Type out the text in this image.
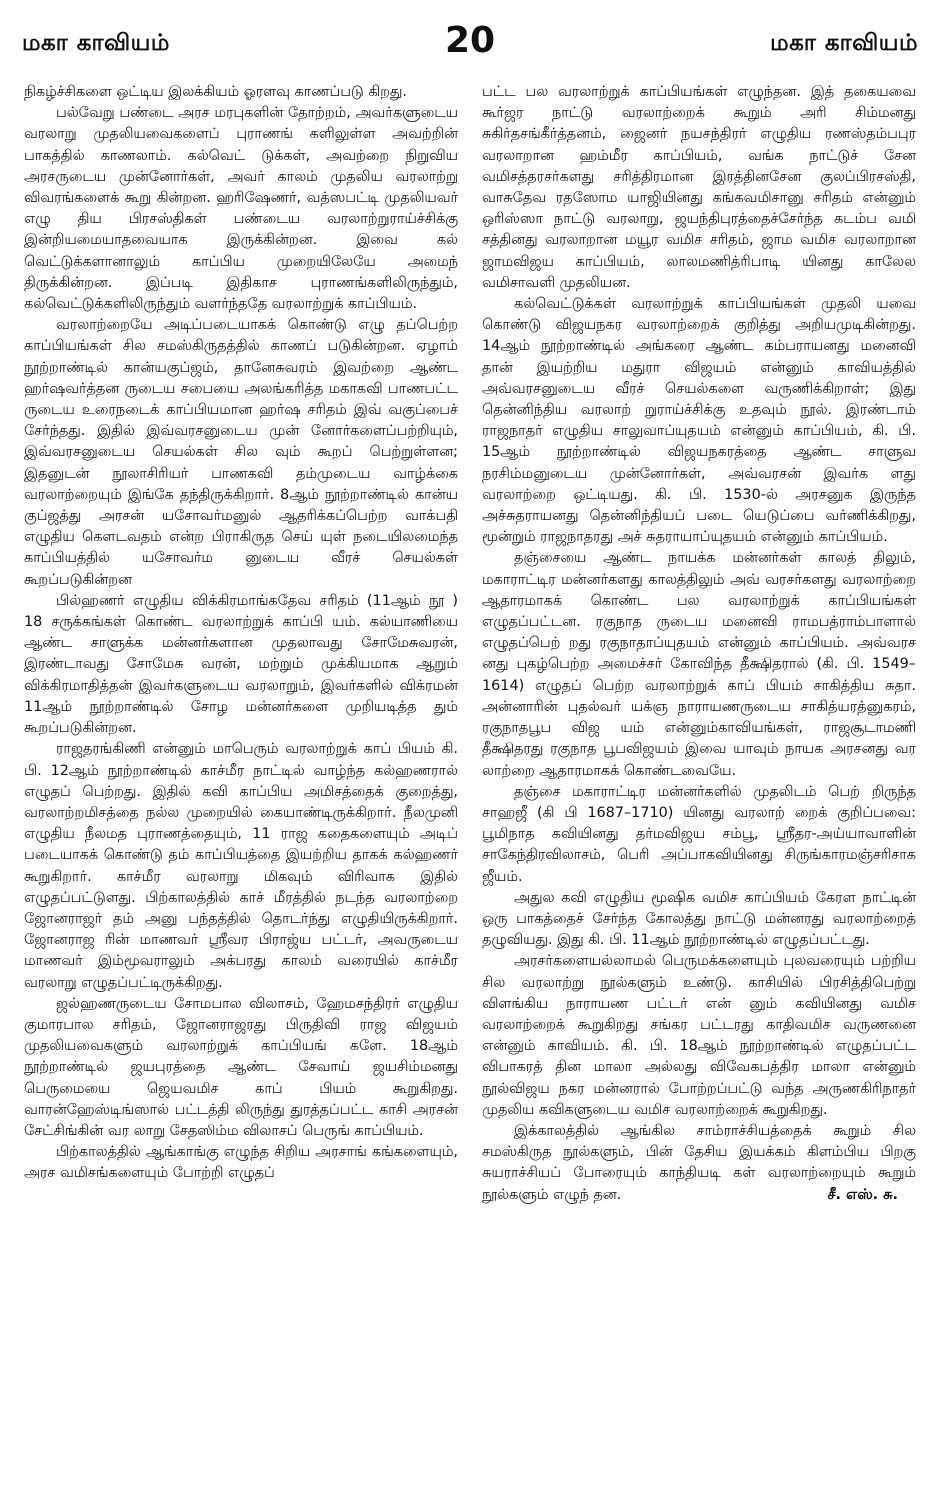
மகா காவியம்	20	மகா காவியம்

நிகழ்ச்சிகளை ஒட்டிய இலக்கியம் ஓரளவு காணப்படு கிறது.

பல்வேறு பண்டை அரச மரபுகளின் தோற்றம், அவர்களுடைய வரலாறு முதலியவைகளைப் புராணங் களிலுள்ள அவற்றின் பாகத்தில் காணலாம். கல்வெட் டுக்கள், அவற்றை நிறுவிய அரசருடைய முன்னோர்கள், அவர் காலம் முதலிய வரலாற்று விவரங்களைக் கூறு கின்றன. ஹரிஷேணர், வத்ஸபட்டி முதலியவர் எழு திய பிரசஸ்திகள் பண்டைய வரலாற்றுராய்ச்சிக்கு இன்றியமையாதவையாக இருக்கின்றன. இவை கல் வெட்டுக்களானாலும் காப்பிய முறையிலேயே அமைந் திருக்கின்றன. இப்படி இதிகாச புராணங்களிலிருந்தும், கல்வெட்டுக்களிலிருந்தும் வளர்ந்ததே வரலாற்றுக் காப்பியம்.

வரலாற்றையே அடிப்படையாகக் கொண்டு எழு தப்பெற்ற காப்பியங்கள் சில சமஸ்கிருதத்தில் காணப் படுகின்றன. ஏழாம் நூற்றாண்டில் கான்யகுப்ஜம், தானேசுவரம் இவற்றை ஆண்ட ஹர்ஷவர்த்தன ருடைய சபையை அலங்கரித்த மகாகவி பாணபட்ட ருடைய உரைநடைக் காப்பியமான ஹர்ஷ சரிதம் இவ் வகுப்பைச் சேர்ந்தது. இதில் இவ்வரசனுடைய முன் னோர்களைப்பற்றியும், இவ்வரசனுடைய செயல்கள் சில வும் கூறப் பெற்றுள்ளன; இதனுடன் நூலாசிரியர் பாணகவி தம்முடைய வாழ்க்கை வரலாற்றையும் இங்கே தந்திருக்கிறார். 8ஆம் நூற்றாண்டில் கான்ய குப்ஜத்து அரசன் யசோவர்மனுல் ஆதரிக்கப்பெற்ற வாக்பதி எழுதிய கௌடவதம் என்ற பிராகிருத செய் யுள் நடையிலமைந்த காப்பியத்தில் யசோவர்ம னுடைய வீரச் செயல்கள் கூறப்படுகின்றன

பில்ஹணர் எழுதிய விக்கிரமாங்கதேவ சரிதம் (11ஆம் நூ ) 18 சருக்கங்கள் கொண்ட வரலாற்றுக் காப்பி யம். கல்யாணியை ஆண்ட சாளுக்க மன்னர்களான முதலாவது சோமேசுவரன், இரண்டாவது சோமேசு வரன், மற்றும் முக்கியமாக ஆறும் விக்கிரமாதித்தன் இவர்களுடைய வரலாறும், இவர்களில் விக்ரமன் 11ஆம் நூற்றாண்டில் சோழ மன்னர்களை முறியடித்த தும் கூறப்படுகின்றன.

ராஜதரங்கிணி என்னும் மாபெரும் வரலாற்றுக் காப் பியம் கி. பி. 12ஆம் நூற்றாண்டில் காச்மீர நாட்டில் வாழ்ந்த கல்ஹணரால் எழுதப் பெற்றது. இதில் கவி காப்பிய அமிசத்தைக் குறைத்து, வரலாற்றமிசத்தை நல்ல முறையில் கையாண்டிருக்கிறார். நீலமுனி எழுதிய நீலமத புராணத்தையும், 11 ராஜ கதைகளையும் அடிப் படையாகக் கொண்டு தம் காப்பியத்தை இயற்றிய தாகக் கல்ஹணர் கூறுகிறார். காச்மீர வரலாறு மிகவும் விரிவாக இதில் எழுதப்பட்டுளது. பிற்காலத்தில் காச் மீரத்தில் நடந்த வரலாற்றை ஜோனராஜர் தம் அனு பந்தத்தில் தொடர்ந்து எழுதியிருக்கிறார். ஜோனராஜ ரின் மாணவர் ஸ்ரீவர பிராஜ்ய பட்டர், அவருடைய மாணவர் இம்மூவராலும் அக்பரது காலம் வரையில் காச்மீர வரலாறு எழுதப்பட்டிருக்கிறது.

ஜல்ஹணருடைய சோமபால விலாசம், ஹேமசந்திரர் எழுதிய குமாரபால சரிதம், ஜோனராஜரது பிருதிவி ராஜ விஜயம் முதலியவைகளும் வரலாற்றுக் காப்பியங் களே. 18ஆம் நூற்றாண்டில் ஜயபுரத்தை ஆண்ட சேவாய் ஜயசிம்மனது பெருமையை ஜெயவமிச காப் பியம் கூறுகிறது. வாரன்ஹேஸ்டிங்ஸால் பட்டத்தி லிருந்து துரத்தப்பட்ட காசி அரசன் சேட்சிங்கின் வர லாறு சேதஸிம்ம விலாசப் பெருங் காப்பியம்.

பிற்காலத்தில் ஆங்காங்கு எழுந்த சிறிய அரசாங் கங்களையும், அரச வமிசங்களையும் போற்றி எழுதப்

பட்ட பல வரலாற்றுக் காப்பியங்கள் எழுந்தன. இத் தகையவை கூர்ஜர நாட்டு வரலாற்றைக் கூறும் அரி சிம்மனது சுகிர்தசங்கீர்த்தனம், ஜைனர் நயசந்திரர் எழுதிய ரணஸ்தம்பபுர வரலாறான ஹம்மீர காப்பியம், வங்க நாட்டுச் சேன வமிசத்தரசர்களது சரித்திரமான இரத்தினசேன குலப்பிரசஸ்தி, வாசுதேவ ரதஸோம யாஜியினது கங்கவமிசானு சரிதம் என்னும் ஒரிஸ்ஸா நாட்டு வரலாறு, ஜயந்திபுரத்தைச்சேர்ந்த கடம்ப வமி சத்தினது வரலாறான மயூர வமிச சரிதம், ஜாம வமிச வரலாறான ஜாமவிஜய காப்பியம், லாலமணித்ரிபாடி யினது காலேல வமிசாவளி முதலியன.

கல்வெட்டுக்கள் வரலாற்றுக் காப்பியங்கள் முதலி யவை கொண்டு விஜயநகர வரலாற்றைக் குறித்து அறியமுடிகின்றது. 14ஆம் நூற்றாண்டில் அங்கரை ஆண்ட கம்பராயனது மனைவி தான் இயற்றிய மதுரா விஜயம் என்னும் காவியத்தில் அவ்வரசனுடைய வீரச் செயல்களை வருணிக்கிறாள்; இது தென்னிந்திய வரலாற் றுராய்ச்சிக்கு உதவும் நூல். இரண்டாம் ராஜநாதர் எழுதிய சாலுவாப்யுதயம் என்னும் காப்பியம், கி. பி. 15ஆம் நூற்றாண்டில் விஜயநகரத்தை ஆண்ட சாளுவ நரசிம்மனுடைய முன்னோர்கள், அவ்வரசன் இவர்க ளது வரலாற்றை ஒட்டியது. கி. பி. 1530-ல் அரசனுக இருந்த அச்சுதராயனது தென்னிந்தியப் படை யெடுப்பை வர்ணிக்கிறது, மூன்றும் ராஜநாதரது அச் சுதராயாப்யுதயம் என்னும் காப்பியம்.

தஞ்சையை ஆண்ட நாயக்க மன்னர்கள் காலத் திலும், மகாராட்டிர மன்னர்களது காலத்திலும் அவ் வரசர்களது வரலாற்றை ஆதாரமாகக் கொண்ட பல வரலாற்றுக் காப்பியங்கள் எழுதப்பட்டன. ரகுநாத ருடைய மனைவி ராமபத்ராம்பாளால் எழுதப்பெற் றது ரகுநாதாப்யுதயம் என்னும் காப்பியம். அவ்வரச னது புகழ்பெற்ற அமைச்சர் கோவிந்த தீக்ஷிதரால் (கி. பி. 1549–1614) எழுதப் பெற்ற வரலாற்றுக் காப் பியம் சாகித்திய சுதா. அன்னாரின் புதல்வர் யக்ஞ நாராயணருடைய சாகித்யரத்னுகரம், ரகுநாதபூப விஜ யம் என்னும்காவியங்கள், ராஜசூடாமணி தீக்ஷிதரது ரகுநாத பூபவிஜயம் இவை யாவும் நாயக அரசனது வர லாற்றை ஆதாரமாகக் கொண்டவையே.

தஞ்சை மகாராட்டிர மன்னர்களில் முதலிடம் பெற் றிருந்த சாஹஜீ (கி பி 1687–1710) யினது வரலாற் றைக் குறிப்பவை: பூமிநாத கவியினது தர்மவிஜய சம்பூ, ஸ்ரீதர-அய்யாவாளின் சாகேந்திரவிலாசம், பெரி அப்பாகவியினது சிருங்காரமஞ்சரிசாக ஜீயம்.

அதுல கவி எழுதிய மூஷிக வமிச காப்பியம் கேரள நாட்டின் ஒரு பாகத்தைச் சேர்ந்த கோலத்து நாட்டு மன்னரது வரலாற்றைத் தழுவியது. இது கி. பி. 11ஆம் நூற்றாண்டில் எழுதப்பட்டது.

அரசர்களையல்லாமல் பெருமக்களையும் புலவரையும் பற்றிய சில வரலாற்று நூல்களும் உண்டு. காசியில் பிரசித்திபெற்று விளங்கிய நாராயண பட்டர் என் னும் கவியினது வமிச வரலாற்றைக் கூறுகிறது சங்கர பட்டரது காதிவமிச வருணனை என்னும் காவியம். கி. பி. 18ஆம் நூற்றாண்டில் எழுதப்பட்ட விபாகரத் தின மாலா அல்லது விவேகபத்திர மாலா என்னும் நூல்விஜய நகர மன்னரால் போற்றப்பட்டு வந்த அருணகிரிநாதர் முதலிய கவிகளுடைய வமிச வரலாற்றைக் கூறுகிறது.

இக்காலத்தில் ஆங்கில சாம்ராச்சியத்தைக் கூறும் சில சமஸ்கிருத நூல்களும், பின் தேசிய இயக்கம் கிளம்பிய பிறகு சுயராச்சியப் போரையும் காந்தியடி கள் வரலாற்றையும் கூறும் நூல்களும் எழுந் தன.	சீ. எஸ். சு.
